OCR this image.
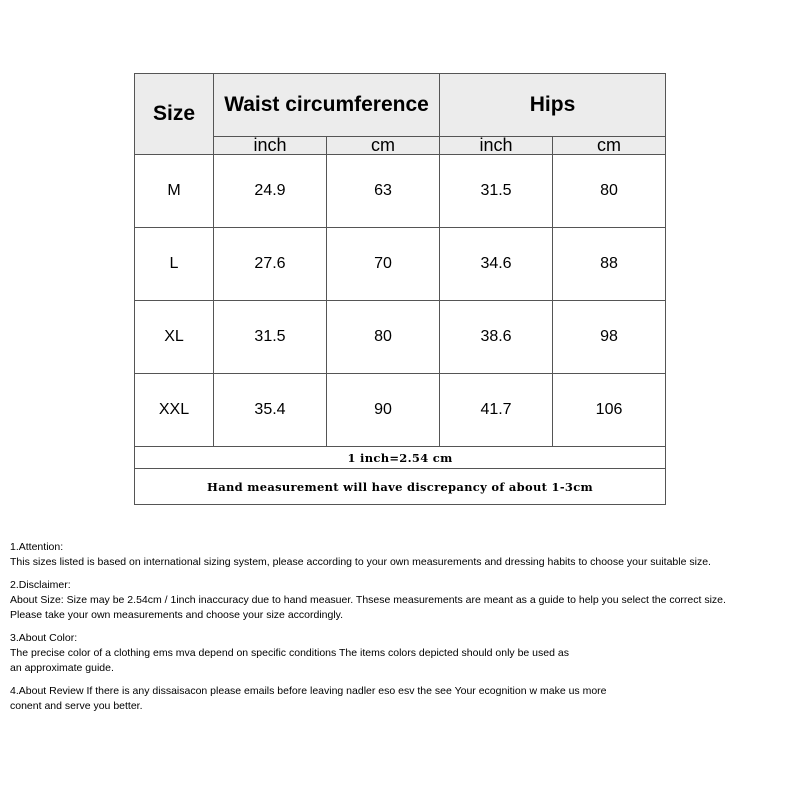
Size	Waist circumference		Hips	
	inch	cm	inch	cm
M	24.9	63	31.5	80
L	27.6	70	34.6	88
XL	31.5	80	38.6	98
XXL	35.4	90	41.7	106
1 inch=2.54 cm				
Hand measurement will have discrepancy of about 1-3cm				

1.Attention:

This sizes listed is based on international sizing system, please according to your own measurements and dressing habits to choose your suitable size.

2.Disclaimer:

About Size: Size may be 2.54cm / 1inch inaccuracy due to hand measuer. Thsese measurements are meant as a guide to help you select the correct size.

Please take your own measurements and choose your size accordingly.

3.About Color:

The precise color of a clothing ems mva depend on specific conditions The items colors depicted should only be used as

an approximate guide.

4.About Review If there is any dissaisacon please emails before leaving nadler eso esv the see Your ecognition w make us more

conent and serve you better.
